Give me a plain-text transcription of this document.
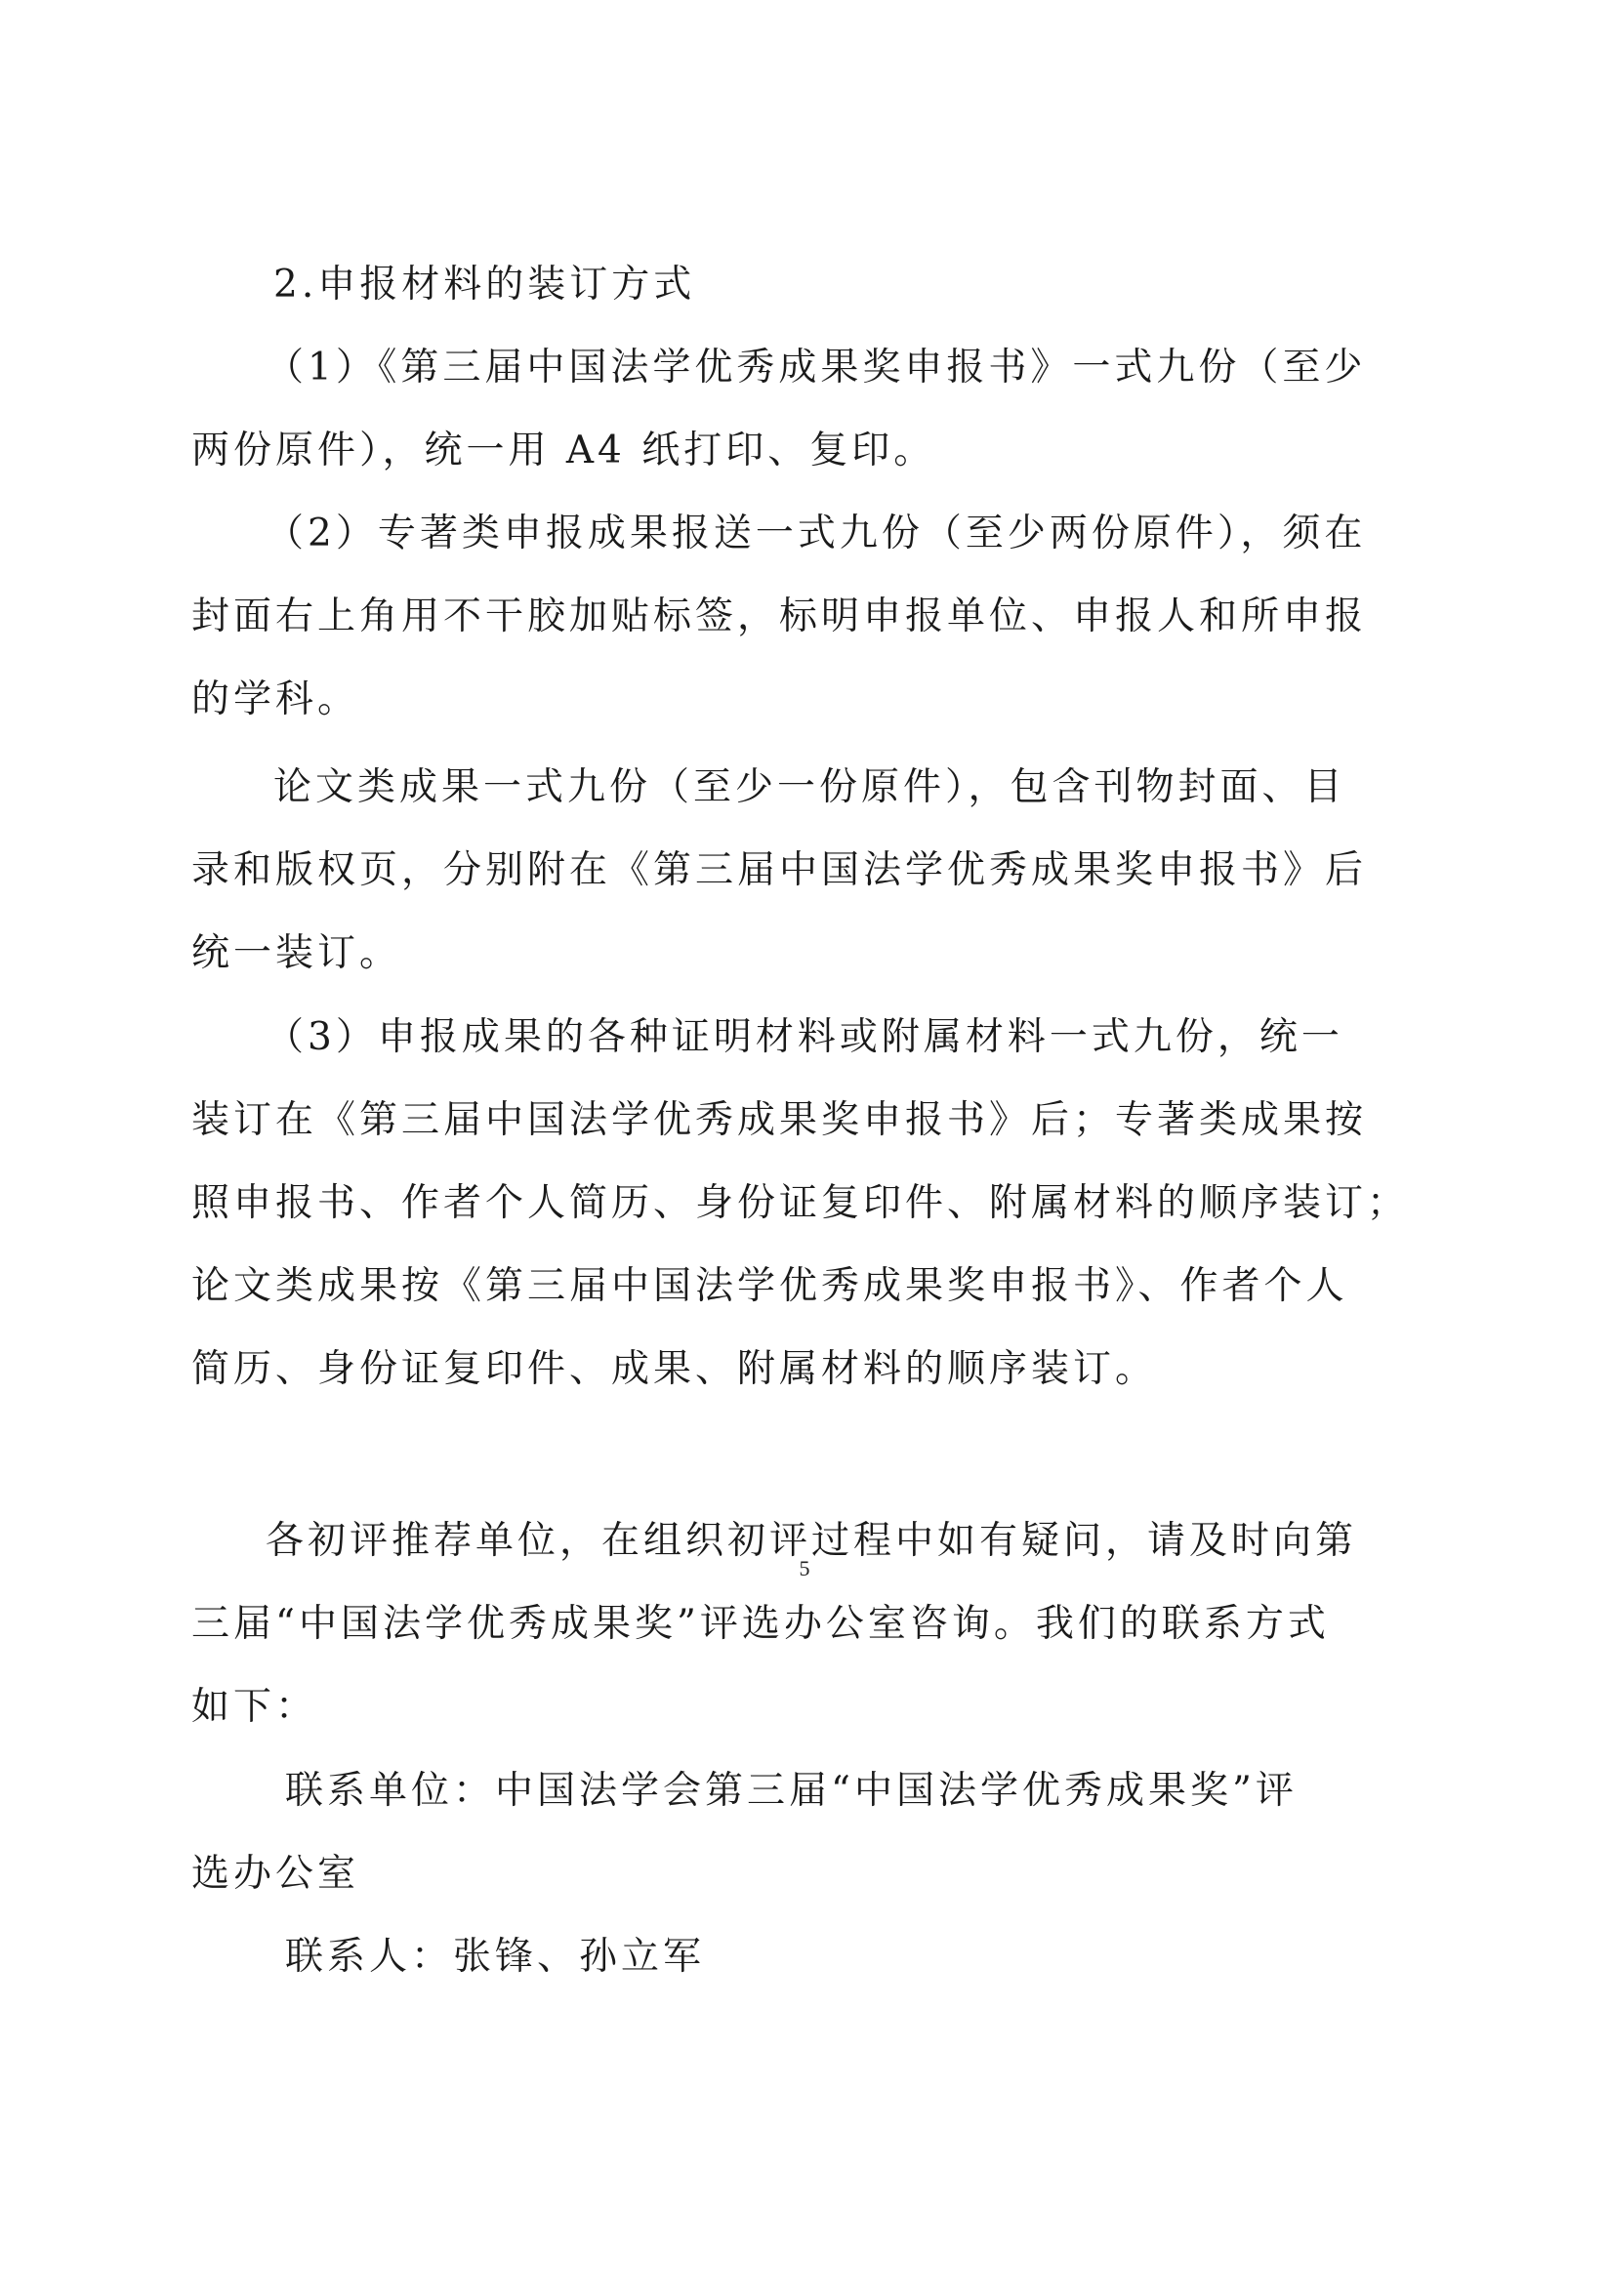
2.申报材料的装订方式
（1）《第三届中国法学优秀成果奖申报书》一式九份（至少
两份原件），统一用 A4 纸打印、复印。
（2）专著类申报成果报送一式九份（至少两份原件），须在
封面右上角用不干胶加贴标签，标明申报单位、申报人和所申报
的学科。
论文类成果一式九份（至少一份原件），包含刊物封面、目
录和版权页，分别附在《第三届中国法学优秀成果奖申报书》后
统一装订。
（3）申报成果的各种证明材料或附属材料一式九份，统一
装订在《第三届中国法学优秀成果奖申报书》后；专著类成果按
照申报书、作者个人简历、身份证复印件、附属材料的顺序装订；
论文类成果按《第三届中国法学优秀成果奖申报书》、作者个人
简历、身份证复印件、成果、附属材料的顺序装订。
各初评推荐单位，在组织初评过程中如有疑问，请及时向第
三届“中国法学优秀成果奖”评选办公室咨询。我们的联系方式
如下：
联系单位：中国法学会第三届“中国法学优秀成果奖”评
选办公室
联系人：张锋、孙立军
5
